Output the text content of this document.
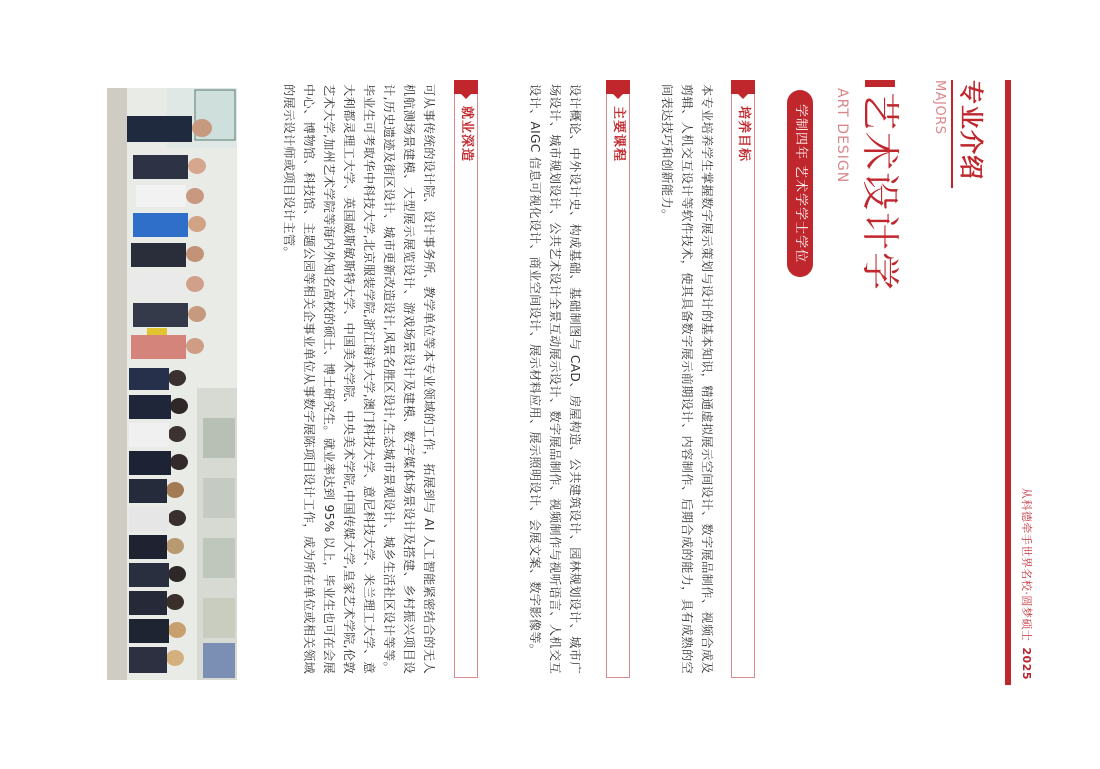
从科德牵手世界名校·圆梦硕士2025
专业介绍
MAJORS
艺术设计学
ART DESIGN
学制四年 艺术学学士学位
培养目标
本专业培养学生掌握数字展示策划与设计的基本知识，精通虚拟展示空间设计、数字展品制作、视频合成及剪辑、人机交互设计等软件技术，使其具备数字展示前期设计、内容制作、后期合成的能力，具有成熟的空间表达技巧和创新能力。
主要课程
设计概论、中外设计史、构成基础、基础制图与 CAD、房屋构造、公共建筑设计、园林规划设计、城市广场设计、城市规划设计、公共艺术设计全景互动展示设计、数字展品制作、视频制作与视听语言、人机交互设计、AIGC 信息可视化设计、商业空间设计、展示材料应用、展示照明设计、会展文案、数字影像等。
就业深造
可从事传统的设计院、设计事务所、教学单位等本专业领域的工作，拓展到与 AI 人工智能紧密结合的无人机航测场景建模、大型展示展览设计、游戏场景设计及建模、数字媒体场景设计及搭建、乡村振兴项目设计,历史遗迹及街区设计、城市更新改造设计,风景名胜区设计,生态城市景观设计、城乡生活社区设计等等。毕业生可考取华中科技大学,北京服装学院,浙江海洋大学,澳门科技大学、意尼科技大学、米兰理工大学、意大利都灵理工大学、英国威斯敏斯特大学、中国美术学院、中央美术学院,中国传媒大学,皇家艺术学院,伦敦艺术大学,加州艺术学院等海内外知名高校的硕士、博士研究生。就业率达到 95% 以上，毕业生也可在会展中心、博物馆、科技馆、主题公园等相关企事业单位从事数字展陈项目设计工作，成为所在单位或相关领域的展示设计师或项目设计主管。
